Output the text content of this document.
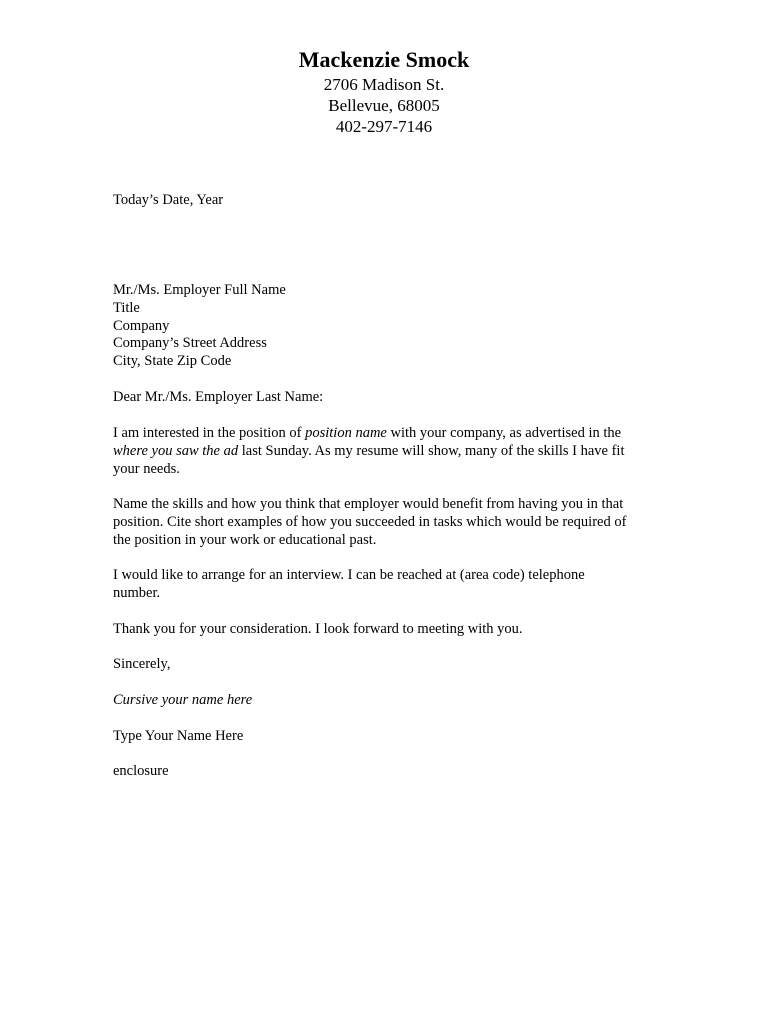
Mackenzie Smock
2706 Madison St.
Bellevue, 68005
402-297-7146
Today’s Date, Year
Mr./Ms. Employer Full Name
Title
Company
Company’s Street Address
City, State Zip Code
Dear Mr./Ms. Employer Last Name:
I am interested in the position of position name with your company, as advertised in the
where you saw the ad last Sunday. As my resume will show, many of the skills I have fit
your needs.
Name the skills and how you think that employer would benefit from having you in that
position. Cite short examples of how you succeeded in tasks which would be required of
the position in your work or educational past.
I would like to arrange for an interview. I can be reached at (area code) telephone
number.
Thank you for your consideration. I look forward to meeting with you.
Sincerely,
Cursive your name here
Type Your Name Here
enclosure
